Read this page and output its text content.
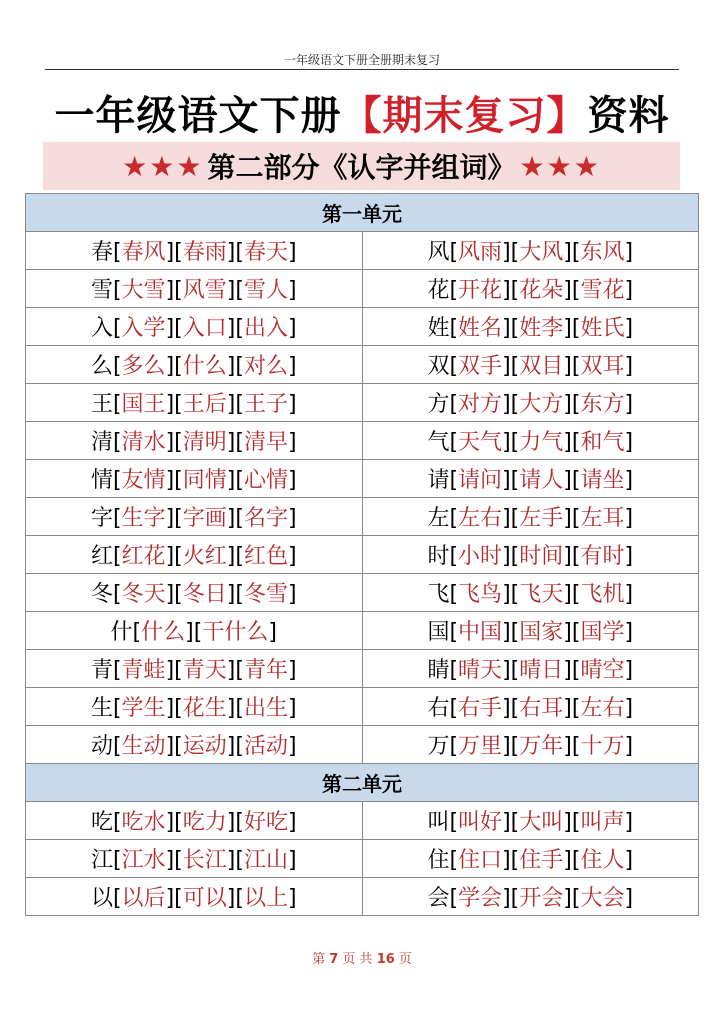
一年级语文下册全册期末复习
一年级语文下册【期末复习】资料
★★★ 第二部分《认字并组词》 ★★★
第一单元	
春[春风][春雨][春天]	风[风雨][大风][东风]
雪[大雪][风雪][雪人]	花[开花][花朵][雪花]
入[入学][入口][出入]	姓[姓名][姓李][姓氏]
么[多么][什么][对么]	双[双手][双目][双耳]
王[国王][王后][王子]	方[对方][大方][东方]
清[清水][清明][清早]	气[天气][力气][和气]
情[友情][同情][心情]	请[请问][请人][请坐]
字[生字][字画][名字]	左[左右][左手][左耳]
红[红花][火红][红色]	时[小时][时间][有时]
冬[冬天][冬日][冬雪]	飞[飞鸟][飞天][飞机]
什[什么][干什么]	国[中国][国家][国学]
青[青蛙][青天][青年]	睛[晴天][晴日][晴空]
生[学生][花生][出生]	右[右手][右耳][左右]
动[生动][运动][活动]	万[万里][万年][十万]
第二单元	
吃[吃水][吃力][好吃]	叫[叫好][大叫][叫声]
江[江水][长江][江山]	住[住口][住手][住人]
以[以后][可以][以上]	会[学会][开会][大会]
第 7 页 共 16 页
